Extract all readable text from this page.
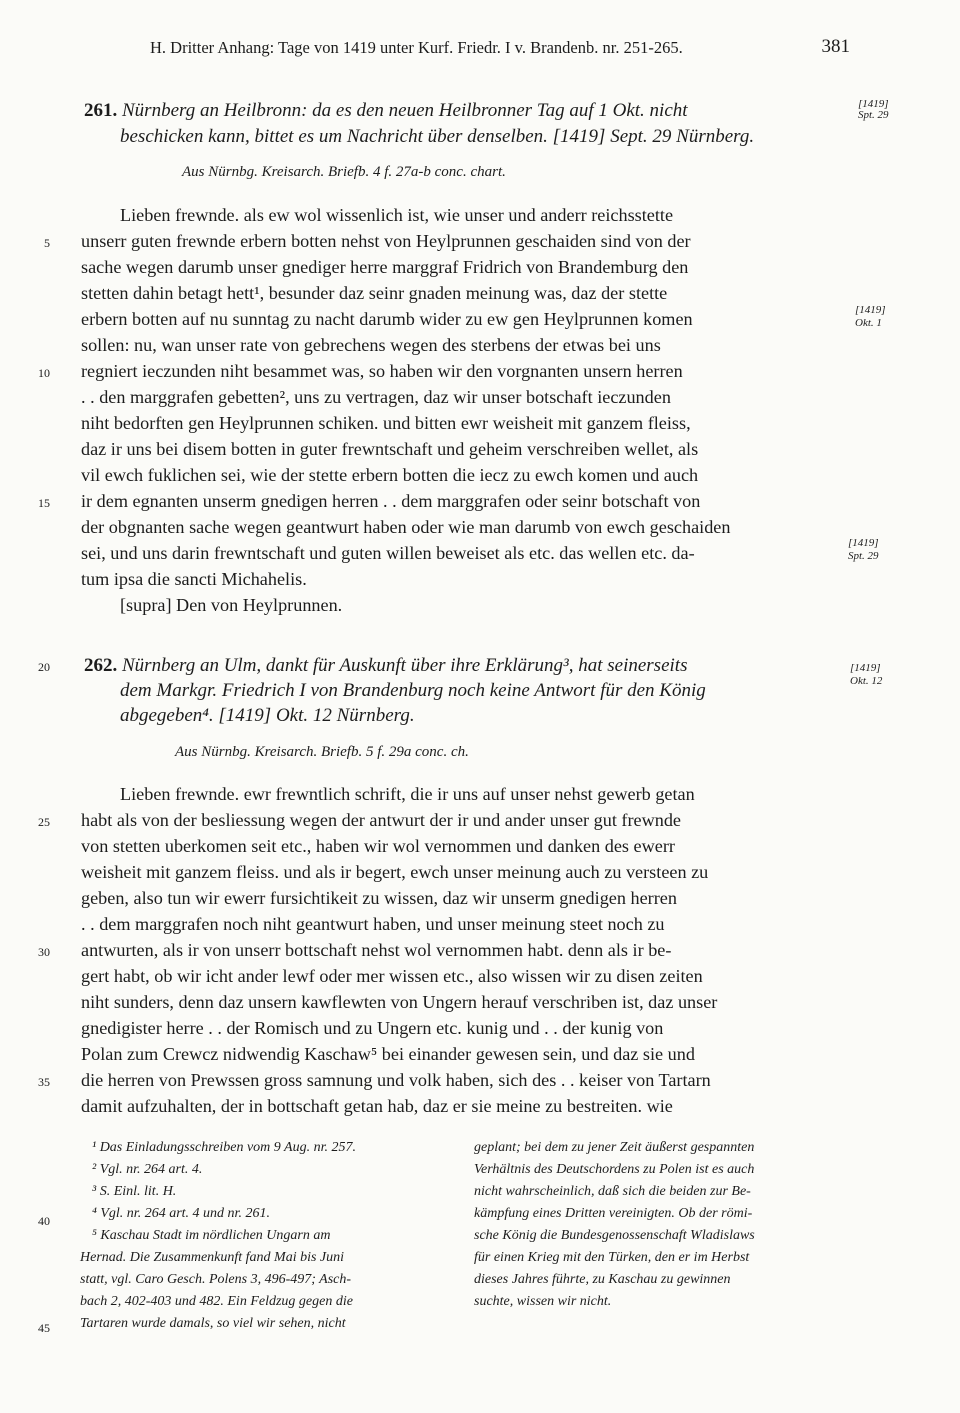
H. Dritter Anhang: Tage von 1419 unter Kurf. Friedr. I v. Brandenb. nr. 251-265.	381
261. Nürnberg an Heilbronn: da es den neuen Heilbronner Tag auf 1 Okt. nicht
beschicken kann, bittet es um Nachricht über denselben. [1419] Sept. 29 Nürnberg.
Aus Nürnbg. Kreisarch. Briefb. 4 f. 27a-b conc. chart.
Lieben frewnde. als ew wol wissenlich ist, wie unser und anderr reichsstette
unserr guten frewnde erbern botten nehst von Heylprunnen geschaiden sind von der
sache wegen darumb unser gnediger herre marggraf Fridrich von Brandemburg den
stetten dahin betagt hett¹, besunder daz seinr gnaden meinung was, daz der stette
erbern botten auf nu sunntag zu nacht darumb wider zu ew gen Heylprunnen komen
sollen: nu, wan unser rate von gebrechens wegen des sterbens der etwas bei uns
regniert ieczunden niht besammet was, so haben wir den vorgnanten unsern herren
. . den marggrafen gebetten², uns zu vertragen, daz wir unser botschaft ieczunden
niht bedorften gen Heylprunnen schiken. und bitten ewr weisheit mit ganzem fleiss,
daz ir uns bei disem botten in guter frewntschaft und geheim verschreiben wellet, als
vil ewch fuklichen sei, wie der stette erbern botten die iecz zu ewch komen und auch
ir dem egnanten unserm gnedigen herren . . dem marggrafen oder seinr botschaft von
der obgnanten sache wegen geantwurt haben oder wie man darumb von ewch geschaiden
sei, und uns darin frewntschaft und guten willen beweiset als etc. das wellen etc. da-
tum ipsa die sancti Michahelis.
[supra] Den von Heylprunnen.
262. Nürnberg an Ulm, dankt für Auskunft über ihre Erklärung³, hat seinerseits
dem Markgr. Friedrich I von Brandenburg noch keine Antwort für den König
abgegeben⁴. [1419] Okt. 12 Nürnberg.
Aus Nürnbg. Kreisarch. Briefb. 5 f. 29a conc. ch.
Lieben frewnde. ewr frewntlich schrift, die ir uns auf unser nehst gewerb getan
habt als von der besliessung wegen der antwurt der ir und ander unser gut frewnde
von stetten uberkomen seit etc., haben wir wol vernommen und danken des ewerr
weisheit mit ganzem fleiss. und als ir begert, ewch unser meinung auch zu versteen zu
geben, also tun wir ewerr fursichtikeit zu wissen, daz wir unserm gnedigen herren
. . dem marggrafen noch niht geantwurt haben, und unser meinung steet noch zu
antwurten, als ir von unserr bottschaft nehst wol vernommen habt. denn als ir be-
gert habt, ob wir icht ander lewf oder mer wissen etc., also wissen wir zu disen zeiten
niht sunders, denn daz unsern kawflewten von Ungern herauf verschriben ist, daz unser
gnedigister herre . . der Romisch und zu Ungern etc. kunig und . . der kunig von
Polan zum Crewcz nidwendig Kaschaw⁵ bei einander gewesen sein, und daz sie und
die herren von Prewssen gross samnung und volk haben, sich des . . keiser von Tartarn
damit aufzuhalten, der in bottschaft getan hab, daz er sie meine zu bestreiten. wie
[1419]
Spt. 29
[1419]
Okt. 1
[1419]
Spt. 29
[1419]
Okt. 12
5
10
15
20
25
30
35
40
45
¹ Das Einladungsschreiben vom 9 Aug. nr. 257.
² Vgl. nr. 264 art. 4.
³ S. Einl. lit. H.
⁴ Vgl. nr. 264 art. 4 und nr. 261.
⁵ Kaschau Stadt im nördlichen Ungarn am
Hernad. Die Zusammenkunft fand Mai bis Juni
statt, vgl. Caro Gesch. Polens 3, 496-497; Asch-
bach 2, 402-403 und 482. Ein Feldzug gegen die
Tartaren wurde damals, so viel wir sehen, nicht
geplant; bei dem zu jener Zeit äußerst gespannten
Verhältnis des Deutschordens zu Polen ist es auch
nicht wahrscheinlich, daß sich die beiden zur Be-
kämpfung eines Dritten vereinigten. Ob der römi-
sche König die Bundesgenossenschaft Wladislaws
für einen Krieg mit den Türken, den er im Herbst
dieses Jahres führte, zu Kaschau zu gewinnen
suchte, wissen wir nicht.
